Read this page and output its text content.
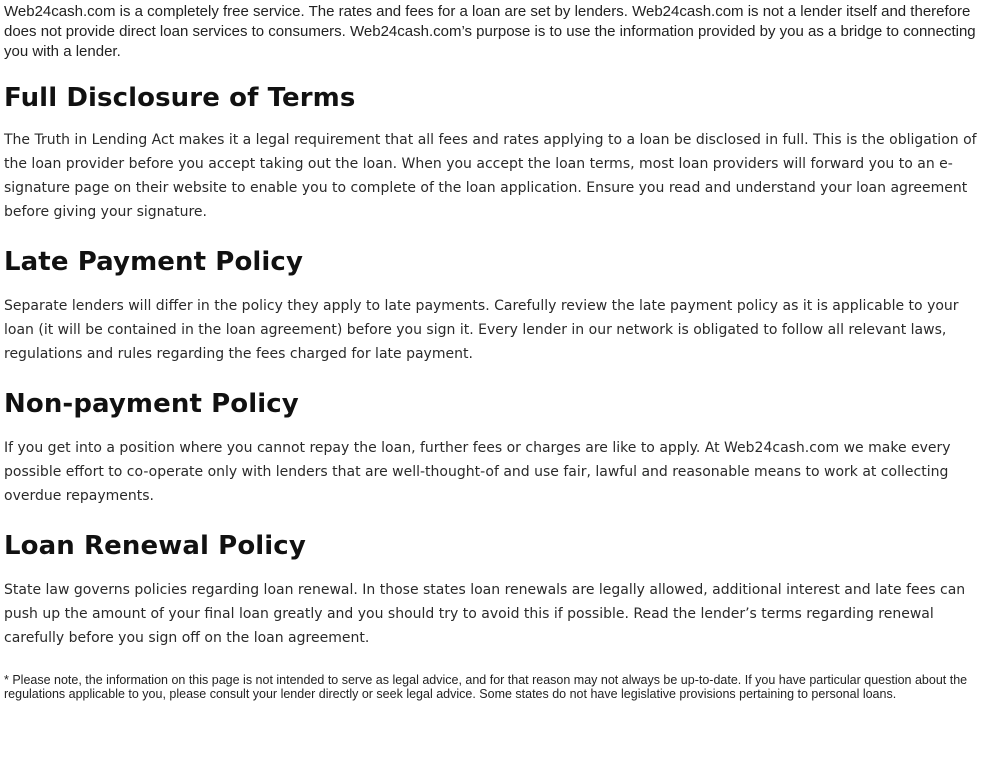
Web24cash.com is a completely free service. The rates and fees for a loan are set by lenders. Web24cash.com is not a lender itself and therefore does not provide direct loan services to consumers. Web24cash.com’s purpose is to use the information provided by you as a bridge to connecting you with a lender.

Full Disclosure of Terms

The Truth in Lending Act makes it a legal requirement that all fees and rates applying to a loan be disclosed in full. This is the obligation of the loan provider before you accept taking out the loan. When you accept the loan terms, most loan providers will forward you to an e-signature page on their website to enable you to complete of the loan application. Ensure you read and understand your loan agreement before giving your signature.

Late Payment Policy

Separate lenders will differ in the policy they apply to late payments. Carefully review the late payment policy as it is applicable to your loan (it will be contained in the loan agreement) before you sign it. Every lender in our network is obligated to follow all relevant laws, regulations and rules regarding the fees charged for late payment.

Non-payment Policy

If you get into a position where you cannot repay the loan, further fees or charges are like to apply. At Web24cash.com we make every possible effort to co-operate only with lenders that are well-thought-of and use fair, lawful and reasonable means to work at collecting overdue repayments.

Loan Renewal Policy

State law governs policies regarding loan renewal. In those states loan renewals are legally allowed, additional interest and late fees can push up the amount of your final loan greatly and you should try to avoid this if possible. Read the lender’s terms regarding renewal carefully before you sign off on the loan agreement.

* Please note, the information on this page is not intended to serve as legal advice, and for that reason may not always be up-to-date. If you have particular question about the regulations applicable to you, please consult your lender directly or seek legal advice. Some states do not have legislative provisions pertaining to personal loans.
